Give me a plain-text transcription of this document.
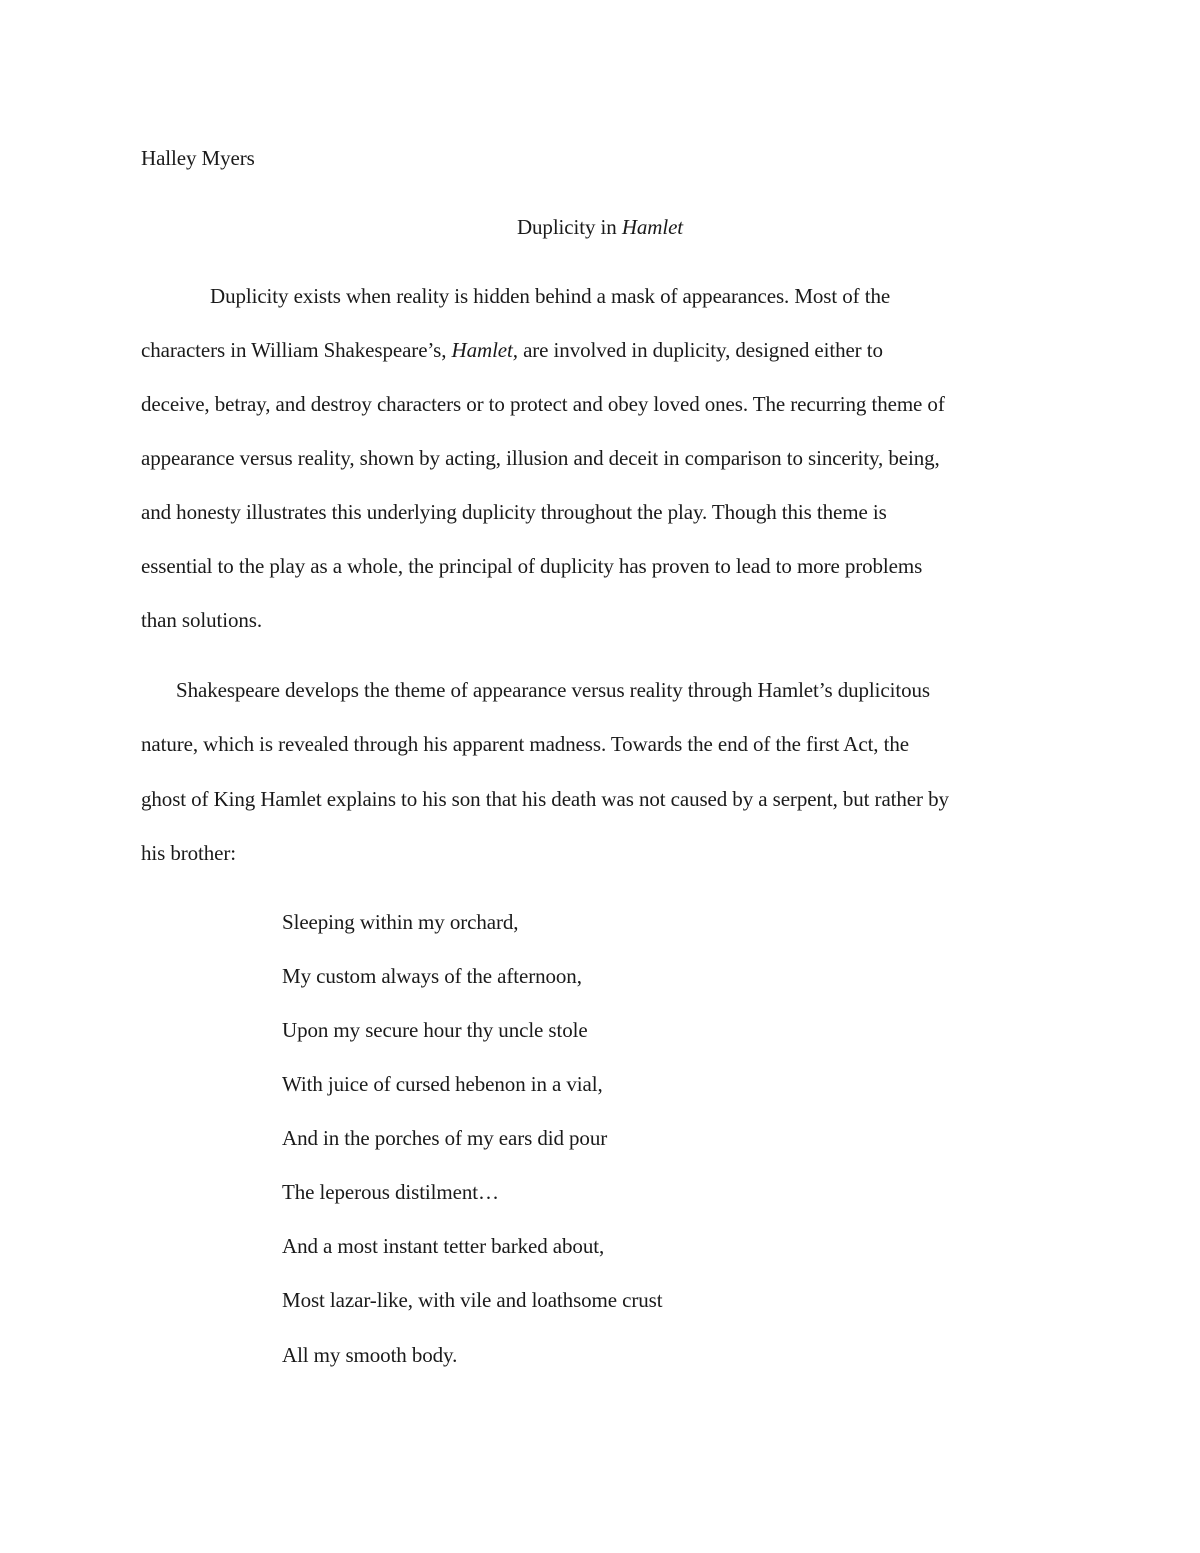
Halley Myers
Duplicity in Hamlet
Duplicity exists when reality is hidden behind a mask of appearances. Most of the
characters in William Shakespeare’s, Hamlet, are involved in duplicity, designed either to
deceive, betray, and destroy characters or to protect and obey loved ones. The recurring theme of
appearance versus reality, shown by acting, illusion and deceit in comparison to sincerity, being,
and honesty illustrates this underlying duplicity throughout the play. Though this theme is
essential to the play as a whole, the principal of duplicity has proven to lead to more problems
than solutions.
Shakespeare develops the theme of appearance versus reality through Hamlet’s duplicitous
nature, which is revealed through his apparent madness. Towards the end of the first Act, the
ghost of King Hamlet explains to his son that his death was not caused by a serpent, but rather by
his brother:
Sleeping within my orchard,
My custom always of the afternoon,
Upon my secure hour thy uncle stole
With juice of cursed hebenon in a vial,
And in the porches of my ears did pour
The leperous distilment…
And a most instant tetter barked about,
Most lazar-like, with vile and loathsome crust
All my smooth body.
